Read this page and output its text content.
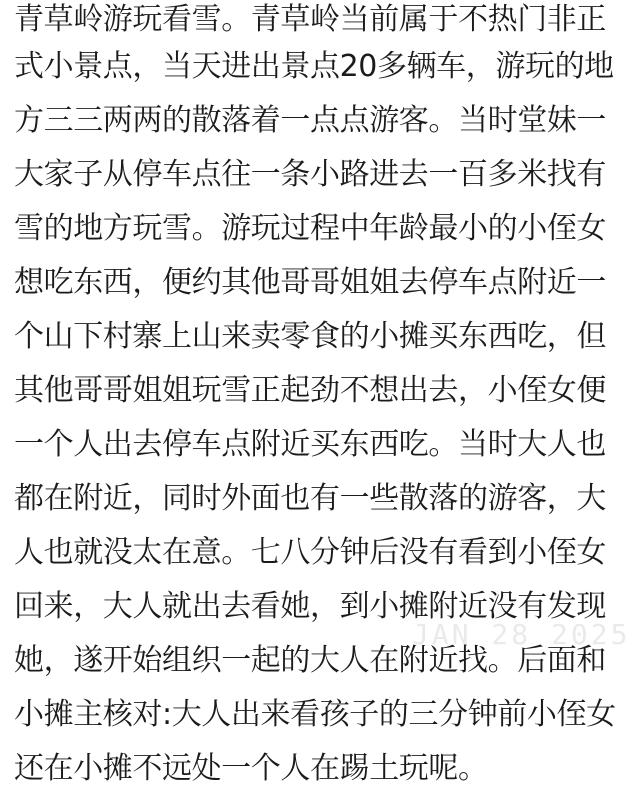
青草岭游玩看雪。青草岭当前属于不热门非正
式小景点，当天进出景点20多辆车，游玩的地
方三三两两的散落着一点点游客。当时堂妹一
大家子从停车点往一条小路进去一百多米找有
雪的地方玩雪。游玩过程中年龄最小的小侄女
想吃东西，便约其他哥哥姐姐去停车点附近一
个山下村寨上山来卖零食的小摊买东西吃，但
其他哥哥姐姐玩雪正起劲不想出去，小侄女便
一个人出去停车点附近买东西吃。当时大人也
都在附近，同时外面也有一些散落的游客，大
人也就没太在意。七八分钟后没有看到小侄女
回来，大人就出去看她，到小摊附近没有发现
她，遂开始组织一起的大人在附近找。后面和
小摊主核对:大人出来看孩子的三分钟前小侄女
还在小摊不远处一个人在踢土玩呢。
JAN 28 2025
